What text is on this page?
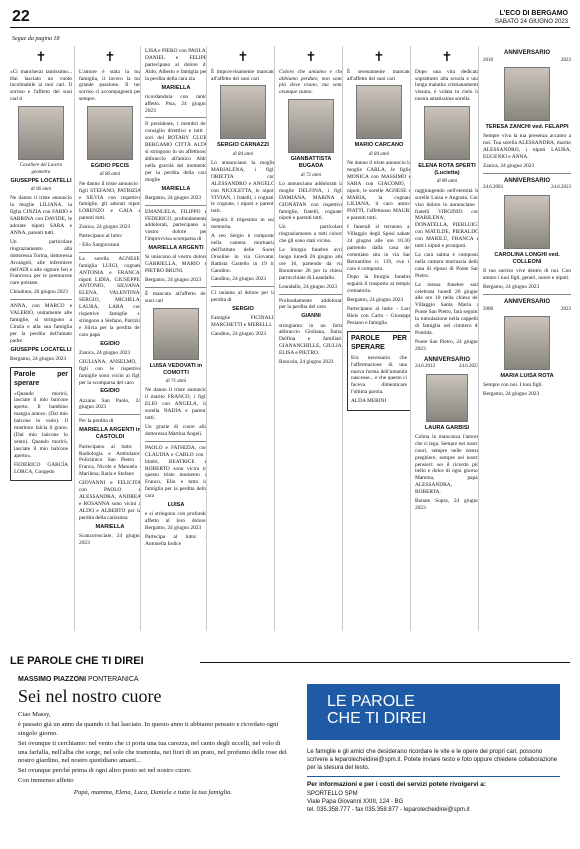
22	L'ECO DI BERGAMO
SABATO 24 GIUGNO 2023
Segue da pagina 18
✝

«Ci mancherai tantissimo... Hai lasciato un vuoto incolmabile ai tuoi cari. Il sorriso e l'affetto dei suoi cari ti

Cavaliere del Lavoro geometra
GIUSEPPE LOCATELLI
di 96 anni

Ne danno il triste annuncio la moglie LILIANA, la figlia CINZIA con FABIO e SABRINA con DAVIDE, le adorate nipoti SARA e ANNA, parenti tutti.

Un particolare ringraziamento alla dottoressa Torina, dottoressa Arcangeli, alle infermiere dell'ADI e alle signore Ieti e Francesca per le premurose cure prestate.

Chiuduno, 26 giugno 2023

ANNA, con MARCO e VALERIO, unitamente alle famiglie, si stringono a Cinzia e alla sua famiglia per la perdita dell'amato padre

GIUSEPPE LOCATELLI

Bergamo, 24 giugno 2023

Parole per sperare

«Quando morirò, lasciate il mio balcone aperto. Il bambino mangia arance. (Dal mio balcone lo vedo). Il mietitore falcia il grano. (Dal mio balcone lo sento). Quando morirò, lasciate il mio balcone aperto».

FEDERICO GARCÍA LORCA, Congedo

✝

L'amore è stata la tua famiglia, il lavoro la tua grande passione. Il tuo sorriso ci accompagnerà per sempre.

EGIDIO PECIS
di 86 anni

Ne danno il triste annuncio i figli STEFANO, PATRIZIA e SILVIA con rispettive famiglie, gli adorati nipoti LORENZO e GAIA e parenti tutti.

Zanica, 24 giugno 2023

Partecipano al lutto:

- Elio Sangiovanni

La sorella AGNESE, famiglia LUIGI, cognate ANTONIA e FRANCA, nipoti LIDIA, GIUSEPPE, ANTONIO, SILVANA, ELENA, VALENTINA, SERGIO, MICHELA, LAURA, LARA con rispettive famiglie si stringono a Stefano, Patrizia e Silvia per la perdita del caro papà

EGIDIO

Zanica, 24 giugno 2023

GIULIANA, ANSELMO, i figli con le rispettive famiglie sono vicini ai figli per la scomparsa del caro

EGIDIO

Azzano San Paolo, 24 giugno 2023

Per la perdita di

MARIELLA ARGENTI in CASTOLDI

Partecipano al lutto: - Radiologia e Ambulatori Policlinico San Pietro - Franca, Nicole e Manuela - Marilena, Ilaria e Stefano

GIOVANNI e FELICITA con PAOLO e ALESSANDRA, ANDREA e ROSANNA sono vicini a ALDO e ALBERTO per la perdita della carissima

MARIELLA

Scanzorosciate, 24 giugno 2023

LISA e PIERO con PAOLA, DANIEL e FELIPE partecipano al dolore di Aldo, Alberto e famiglia per la perdita della cara zia

MARIELLA

ricordandola con tanto affetto. Pisa, 24 giugno 2023

Il presidente, i membri del consiglio direttivo e tutti i soci del ROTARY CLUB BERGAMO CITTÀ ALTA si stringono in un affettuoso abbraccio all'amico Aldo nella gravità del momento per la perdita della cara moglie

MARIELLA

Bergamo, 24 giugno 2023

EMANUELA, FILIPPO e FEDERICO, profondamente addolorati, partecipano al vostro dolore per l'improvvisa scomparsa di

MARIELLA ARGENTI

Si uniscono al vostro dolore GABRIELLA, MARIO e PIETRO BRUNI.

Bergamo, 24 giugno 2023

È mancata all'affetto dei suoi cari

LUISA VEDOVATI in COMOTTI
di 71 anni

Ne danno il triste annuncio il marito FRANCO, i figli ELIO con ANGELA, la sorella NADIA e parenti tutti.

Un grazie di cuore alla dottoressa Martina Angeli.

PAOLO e FATHIZIA, con CLAUDIA e CARLO con i bimbi, BEATRICE e ROBERTO sono vicini in questo triste momento a Franco, Elio e tutta la famiglia per la perdita della cara

LUISA

e si stringono con profondo affetto al loro dolore. Bergamo, 24 giugno 2023

Partecipa al lutto: - Antonella Iodice

✝

È improvvisamente mancato all'affetto dei suoi cari

SERGIO CARNAZZI
di 84 anni

Lo annunciano la moglie MARIALENA, i figli ORIETTA con ALESSANDRO e ANGELO con NICOLETTA, le nipoti VIVIAN, i fratelli, i cognati, le cognate, i nipoti e parenti tutti.

Seguirà il trigesimo in sua memoria.

A ceo Sergio è composto nella camera mortuaria dell'Istituto delle Suore Orsoline in via Giovanni Battista Castello in 19 in Gandino.

Gandino, 24 giugno 2023

Ci uniamo al dolore per la perdita di

SERGIO

Famiglie FICINALI, MARCHETTI e MERELLI.

Gandino, 24 giugno 2023

✝

Coloro che amiamo e che abbiamo perduto, non sono più dove erano, ma sono ovunque siamo.

GIANBATTISTA BUGADA
di 72 anni

Lo annunciano addolorati la moglie DELFINA, i figli DAMIANA, MARINA e GIONATAN con rispettive famiglie, fratelli, cognate, nipoti e parenti tutti.

Un particolare ringraziamento a tutti coloro che gli sono stati vicino.

La liturgia funebre avrà luogo lunedì 26 giugno alle ore 16, partendo da via Bonomone 28 per la chiesa parrocchiale di Leandallo.

Leandallo, 24 giugno 2023

Profondamente addolorati per la perdita del caro

GIANNI

stringiamo in un forte abbraccio Giuliana, Ilaria, Delfina e familiari. GIANANCHILLE, GIULIA, ELISA e PIETRO.

Roncola, 24 giugno 2023

✝

È serenamente mancato all'affetto dei suoi cari

MARIO CARCANO
di 84 anni

Ne danno il triste annuncio la moglie CARLA, le figlie MONICA con MASSIMO e SARA con GIACOMO, i nipoti, le sorelle AGNESE e MARIA, la cognata LILIANA, il caro amico PIATTI, l'affettuoso MAURI e parenti tutti.

I funerali si terranno al Villaggio degli Sposi sabato 24 giugno alle ore 10.30, partendo dalla casa del commiato sita in via San Bernardino n. 139, ove il caro è composto.

Dopo la liturgia funebre seguirà il trasporto al tempio crematorio.

Bergamo, 24 giugno 2023

Partecipano al lutto: - Lara Bleis con Carlo - Giuseppe Pesiano e famiglia

PAROLE PER SPERARE

Era necessario che l'affermazione di una nuova forma dell'umanità nascesse... e che questo ci faceva dimenticare l'ultima parola.

ALDA MERINI

✝

Dopo una vita dedicata soprattutto alla scuola e una lunga malattia cristianamente vissuta, è volata in cielo la nostra amatissima sorella

ELENA ROTA SPERTI (Lucietta)
di 80 anni

raggiungendo nell'eternità le sorelle Luisa e Augusta. Con viso dolore lo annunciano i fratelli VIRGINIO con MARILENA, DONATELLA, PIERLUIGI con MATILDE, PIERALDO con MARILÙ, FRANCA e tutti i nipoti e pronipoti.

La cara salma è composta nella camera mortuaria della casa di riposo di Ponte San Pietro.

La messa funebre sarà celebrata lunedì 26 giugno alle ore 10 nella chiesa del Villaggio Santa Maria a Ponte San Pietro, farà seguito la tumulazione nella cappella di famiglia nel cimitero di Pontida.

Ponte San Pietro, 24 giugno 2023

ANNIVERSARIO
24.6.2012	24.6.2023
LAURA GARBISI

Colma la mancanza l'amore che ci lega. Sempre nei nostri cuori, sempre nelle nostre preghiere, sempre nei nostri pensieri: sei il ricordo più bello e dolce di ogni giorno. Mamma, papà, ALESSANDRA, ROBERTA.

Bonate Sopra, 24 giugno 2023

ANNIVERSARIO
2018	2023
TERESA ZANCHI ved. FELAPPI

Sempre viva la tua presenza accanto a noi. Tua sorella ALESSANDRA, marito ALESSANDRO, i nipoti LAURA, EUGENIO e ANNA.

Zanica, 24 giugno 2023

ANNIVERSARIO
24.6.2003	24.6.2023
CAROLINA LONGHI ved. COLLEONI

Il tuo sorriso vive dentro di noi. Con amore i tuoi figli, generi, nuore e nipoti.

Bergamo, 24 giugno 2023

ANNIVERSARIO
2008	2023
MARIA LUISA ROTA

Sempre con noi. I tuoi figli.

Bergamo, 24 giugno 2023

LE PAROLE CHE TI DIREI
MASSIMO PIAZZONI PONTERANICA
Sei nel nostro cuore

Ciao Massy,

è passato già un anno da quando ci hai lasciato. In questo anno ti abbiamo pensato e ricordato ogni singolo giorno.

Sei ovunque ti cerchiamo: nel vento che ci porta una tua carezza, nel canto degli uccelli, nel volo di una farfalla, nell'alba che sorge, nel sole che tramonta, nei fiori di un prato, nel profumo delle rose del nostro giardino, nel nostro quotidiano amarti...

Sei ovunque perché prima di ogni altro posto sei nel nostro cuore.

Con immenso affetto

Papà, mamma, Elena, Luca, Daniela e tutta la tua famiglia.
LE PAROLE
CHE TI DIREI
Le famiglie e gli amici che desiderano ricordare le vite e le opere dei propri cari, possono scrivere a leparolecheidirei@spm.it. Potete inviare testo e foto oppure chiedere collaborazione per la stesura del testo.
Per informazioni e per i costi dei servizi potete rivolgervi a:
SPORTELLO SPM
Viale Papa Giovanni XXIII, 124 - BG
tel. 035.358.777 - fax 035.358.877 - leparolecheidirei@spm.it
